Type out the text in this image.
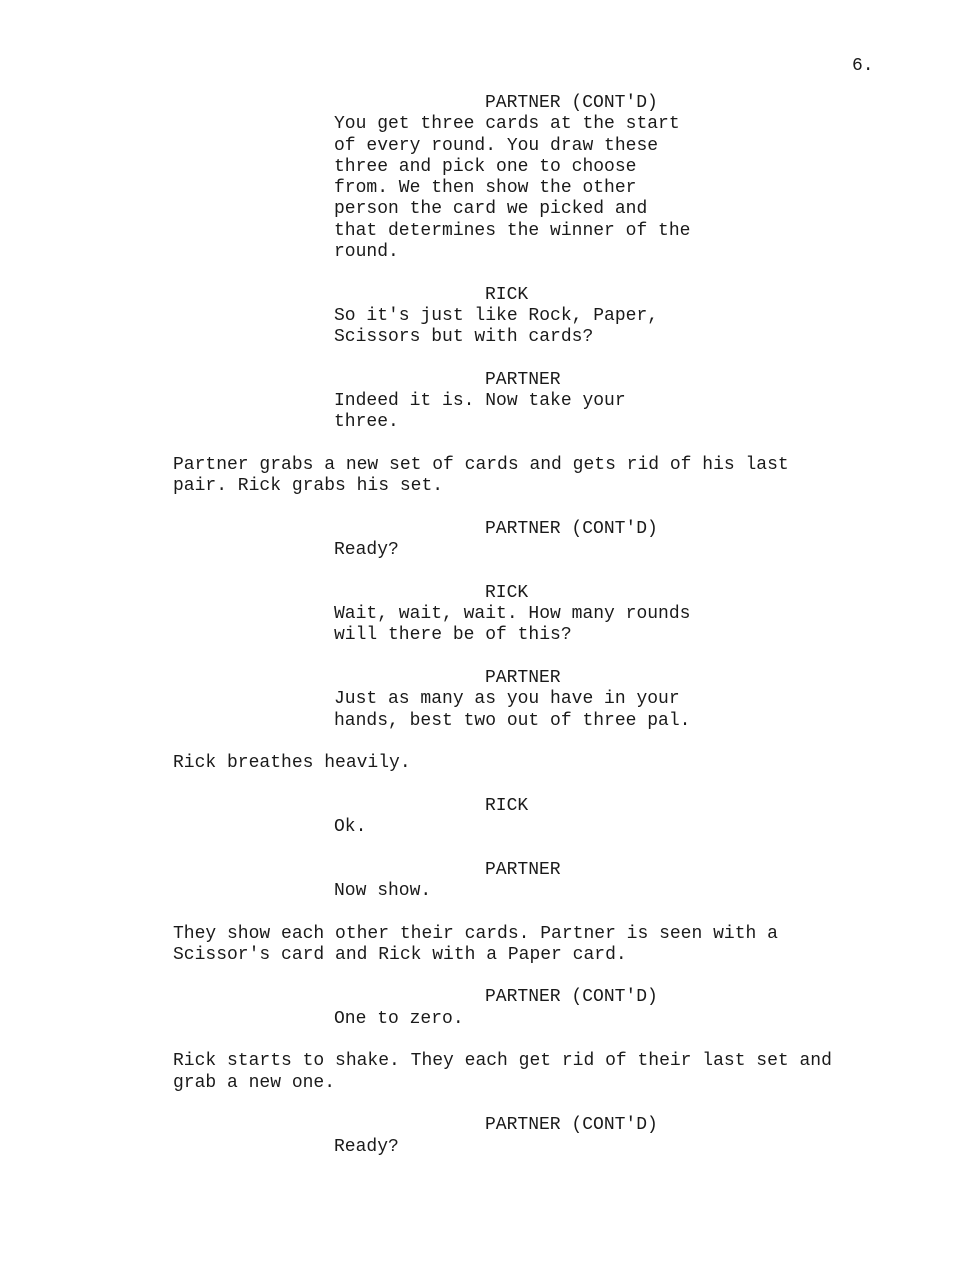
6.
PARTNER (CONT'D)
You get three cards at the start
of every round. You draw these
three and pick one to choose
from. We then show the other
person the card we picked and
that determines the winner of the
round.
RICK
So it's just like Rock, Paper,
Scissors but with cards?
PARTNER
Indeed it is. Now take your
three.
Partner grabs a new set of cards and gets rid of his last
pair. Rick grabs his set.
PARTNER (CONT'D)
Ready?
RICK
Wait, wait, wait. How many rounds
will there be of this?
PARTNER
Just as many as you have in your
hands, best two out of three pal.
Rick breathes heavily.
RICK
Ok.
PARTNER
Now show.
They show each other their cards. Partner is seen with a
Scissor's card and Rick with a Paper card.
PARTNER (CONT'D)
One to zero.
Rick starts to shake. They each get rid of their last set and
grab a new one.
PARTNER (CONT'D)
Ready?
